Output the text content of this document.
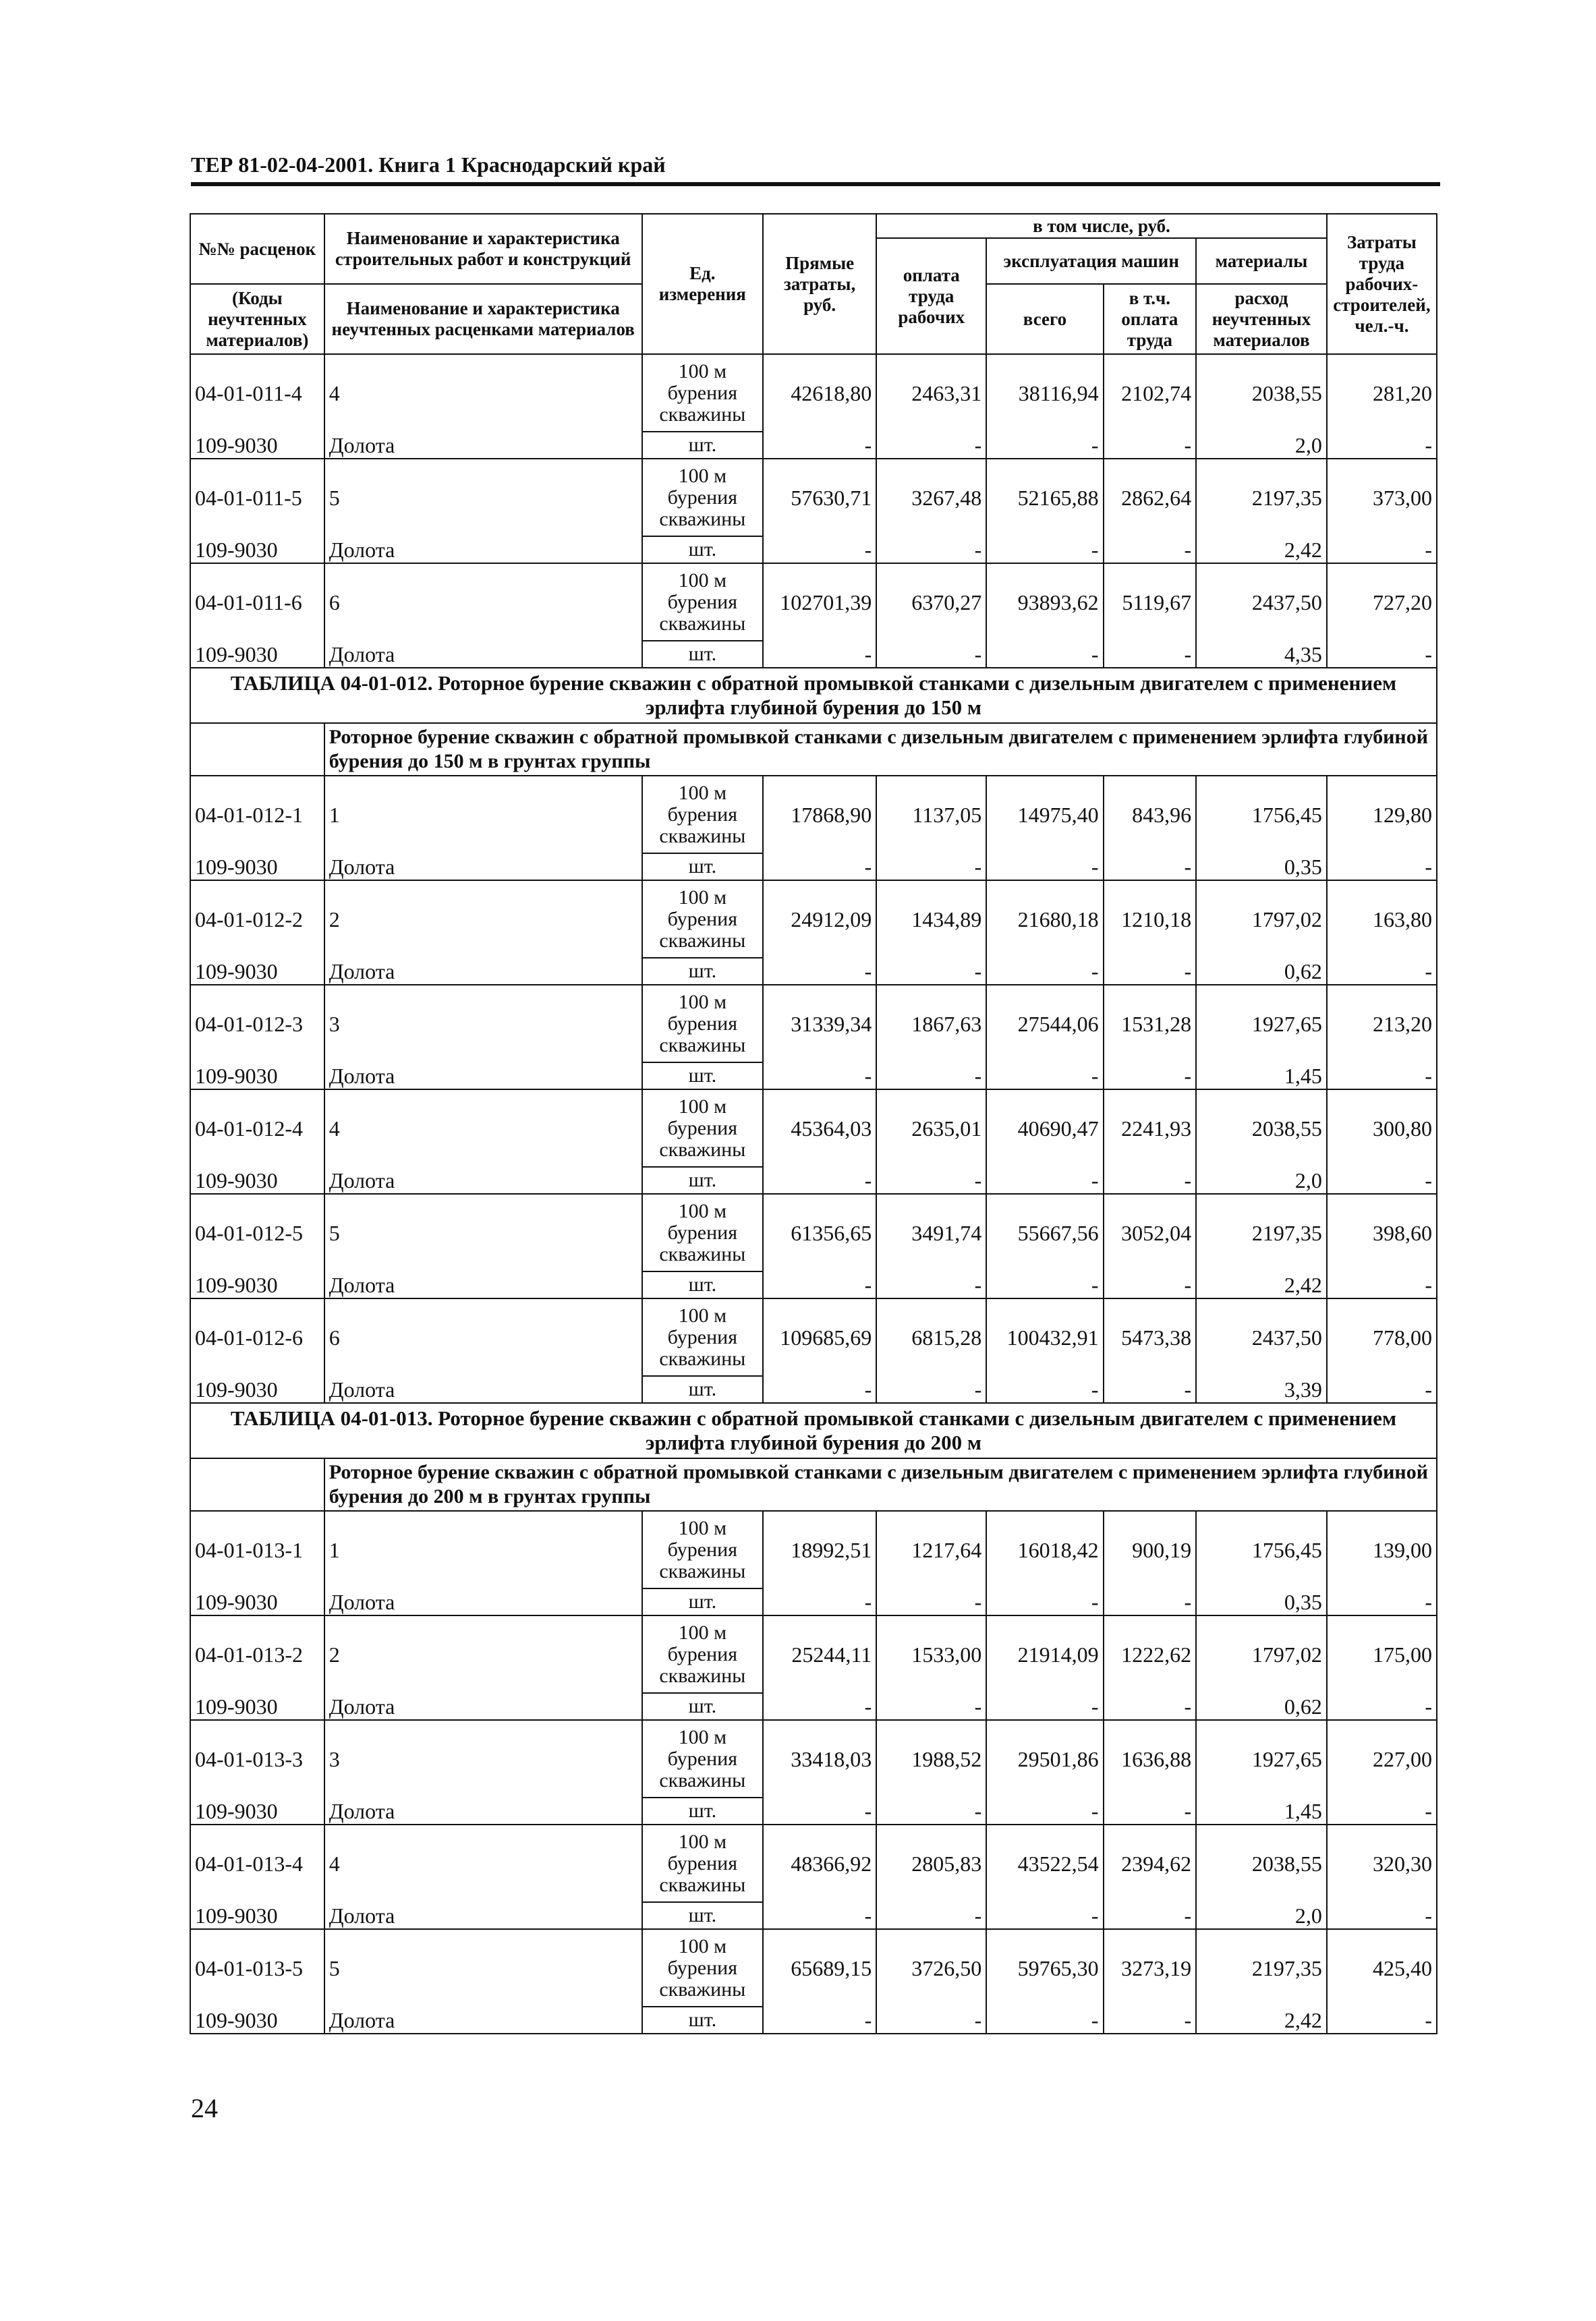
ТЕР 81-02-04-2001. Книга 1 Краснодарский край
№№ расценок	Наименование и характеристика строительных работ и конструкций	Ед. измерения	Прямые затраты, руб.	в том числе, руб.				Затраты труда рабочих-строителей, чел.-ч.
				оплата труда рабочих	эксплуатация машин		материалы	
(Коды неучтенных материалов)	Наименование и характеристика неучтенных расценками материалов				всего	в т.ч. оплата труда	расход неучтенных материалов	

04-01-011-4	4	100 м бурения скважины	42618,80	2463,31	38116,94	2102,74	2038,55	281,20
109-9030	Долота	шт.	-	-	-	-	2,0	-
04-01-011-5	5	100 м бурения скважины	57630,71	3267,48	52165,88	2862,64	2197,35	373,00
109-9030	Долота	шт.	-	-	-	-	2,42	-
04-01-011-6	6	100 м бурения скважины	102701,39	6370,27	93893,62	5119,67	2437,50	727,20
109-9030	Долота	шт.	-	-	-	-	4,35	-
ТАБЛИЦА 04-01-012. Роторное бурение скважин с обратной промывкой станками с дизельным двигателем с применением эрлифта глубиной бурения до 150 м								
	Роторное бурение скважин с обратной промывкой станками с дизельным двигателем с применением эрлифта глубиной бурения до 150 м в грунтах группы							
04-01-012-1	1	100 м бурения скважины	17868,90	1137,05	14975,40	843,96	1756,45	129,80
109-9030	Долота	шт.	-	-	-	-	0,35	-
04-01-012-2	2	100 м бурения скважины	24912,09	1434,89	21680,18	1210,18	1797,02	163,80
109-9030	Долота	шт.	-	-	-	-	0,62	-
04-01-012-3	3	100 м бурения скважины	31339,34	1867,63	27544,06	1531,28	1927,65	213,20
109-9030	Долота	шт.	-	-	-	-	1,45	-
04-01-012-4	4	100 м бурения скважины	45364,03	2635,01	40690,47	2241,93	2038,55	300,80
109-9030	Долота	шт.	-	-	-	-	2,0	-
04-01-012-5	5	100 м бурения скважины	61356,65	3491,74	55667,56	3052,04	2197,35	398,60
109-9030	Долота	шт.	-	-	-	-	2,42	-
04-01-012-6	6	100 м бурения скважины	109685,69	6815,28	100432,91	5473,38	2437,50	778,00
109-9030	Долота	шт.	-	-	-	-	3,39	-
ТАБЛИЦА 04-01-013. Роторное бурение скважин с обратной промывкой станками с дизельным двигателем с применением эрлифта глубиной бурения до 200 м								
	Роторное бурение скважин с обратной промывкой станками с дизельным двигателем с применением эрлифта глубиной бурения до 200 м в грунтах группы							
04-01-013-1	1	100 м бурения скважины	18992,51	1217,64	16018,42	900,19	1756,45	139,00
109-9030	Долота	шт.	-	-	-	-	0,35	-
04-01-013-2	2	100 м бурения скважины	25244,11	1533,00	21914,09	1222,62	1797,02	175,00
109-9030	Долота	шт.	-	-	-	-	0,62	-
04-01-013-3	3	100 м бурения скважины	33418,03	1988,52	29501,86	1636,88	1927,65	227,00
109-9030	Долота	шт.	-	-	-	-	1,45	-
04-01-013-4	4	100 м бурения скважины	48366,92	2805,83	43522,54	2394,62	2038,55	320,30
109-9030	Долота	шт.	-	-	-	-	2,0	-
04-01-013-5	5	100 м бурения скважины	65689,15	3726,50	59765,30	3273,19	2197,35	425,40
109-9030	Долота	шт.	-	-	-	-	2,42	-
24
